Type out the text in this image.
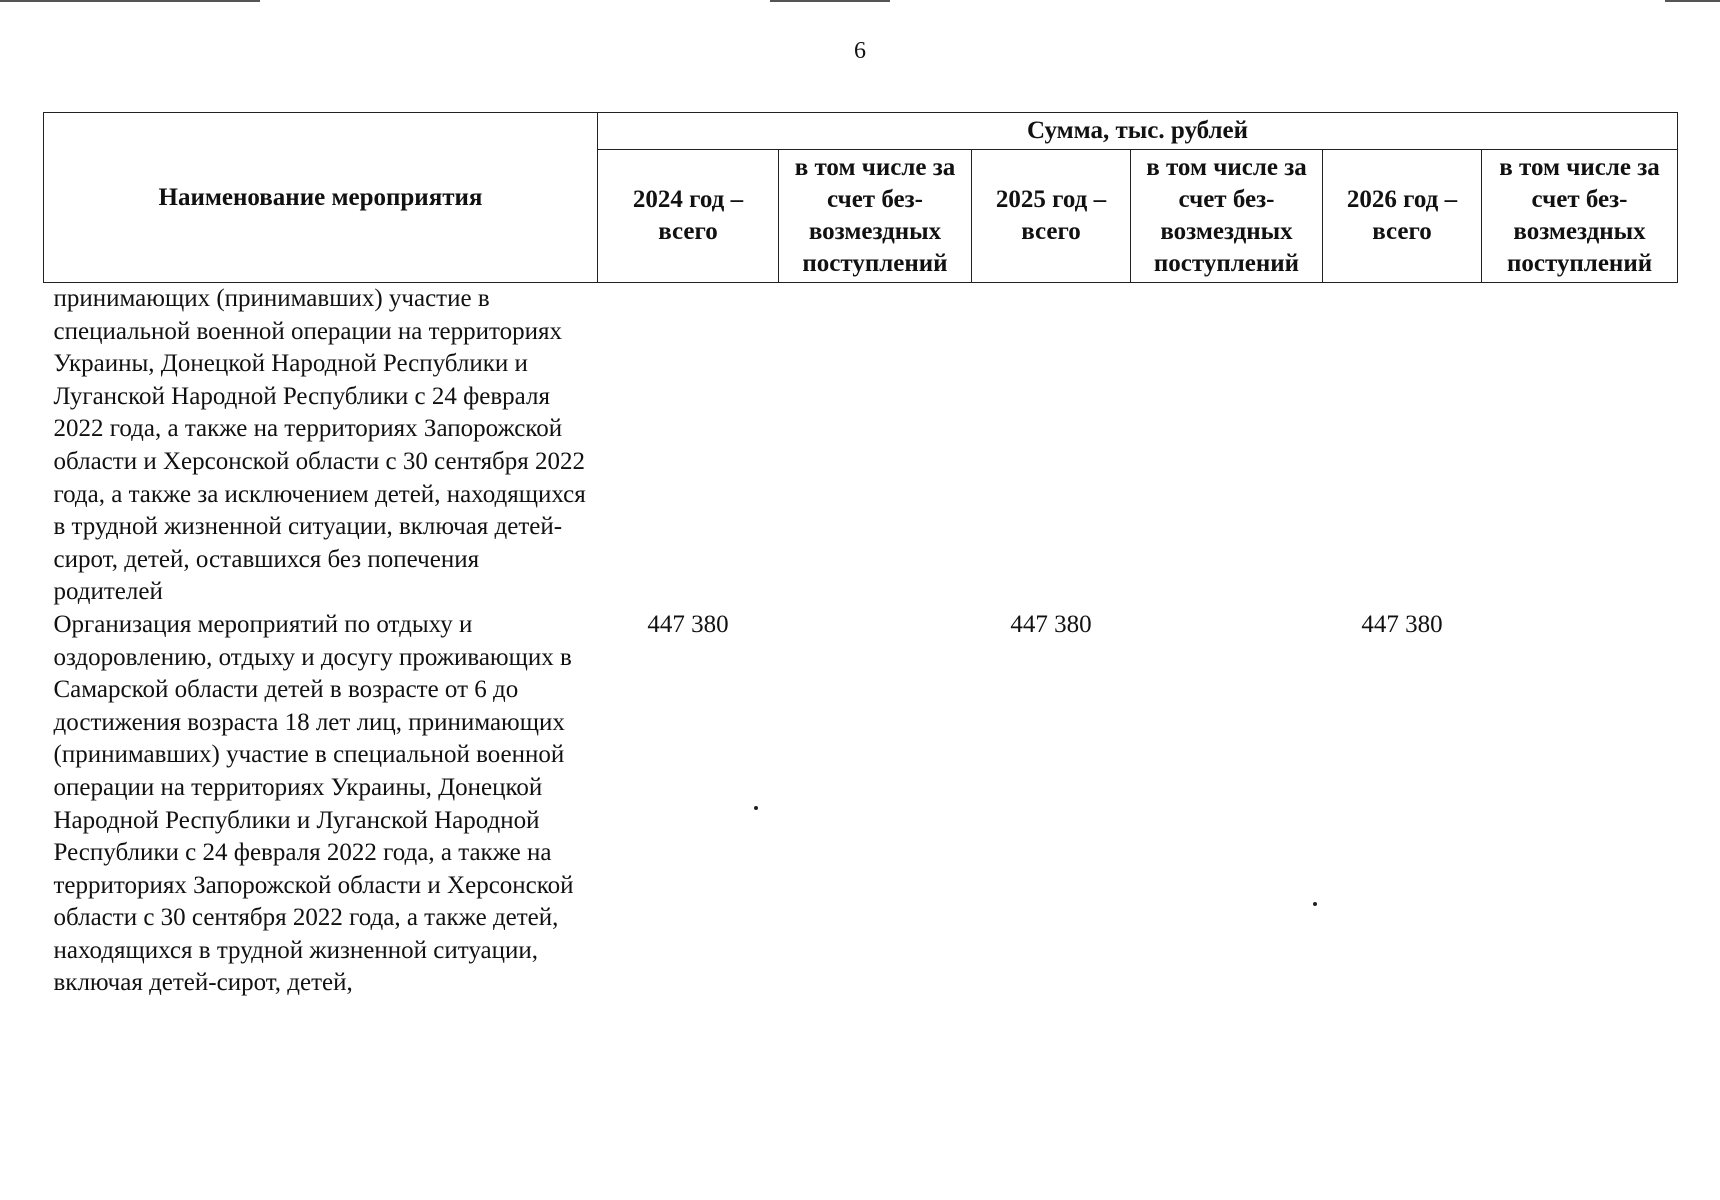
6
Наименование мероприятия	Сумма, тыс. рублей					
	2024 год – всего	в том числе за счет без-возмездных поступлений	2025 год – всего	в том числе за счет без-возмездных поступлений	2026 год – всего	в том числе за счет без-возмездных поступлений
принимающих (принимавших) участие в специальной военной операции на территориях Украины, Донецкой Народной Республики и Луганской Народной Республики с 24 февраля 2022 года, а также на территориях Запорожской области и Херсонской области с 30 сентября 2022 года, а также за исключением детей, находящихся в трудной жизненной ситуации, включая детей-сирот, детей, оставшихся без попечения родителей						
Организация мероприятий по отдыху и оздоровлению, отдыху и досугу проживающих в Самарской области детей в возрасте от 6 до достижения возраста 18 лет лиц, принимающих (принимавших) участие в специальной военной операции на территориях Украины, Донецкой Народной Республики и Луганской Народной Республики с 24 февраля 2022 года, а также на территориях Запорожской области и Херсонской области с 30 сентября 2022 года, а также детей, находящихся в трудной жизненной ситуации, включая детей-сирот, детей,	447 380		447 380		447 380	
